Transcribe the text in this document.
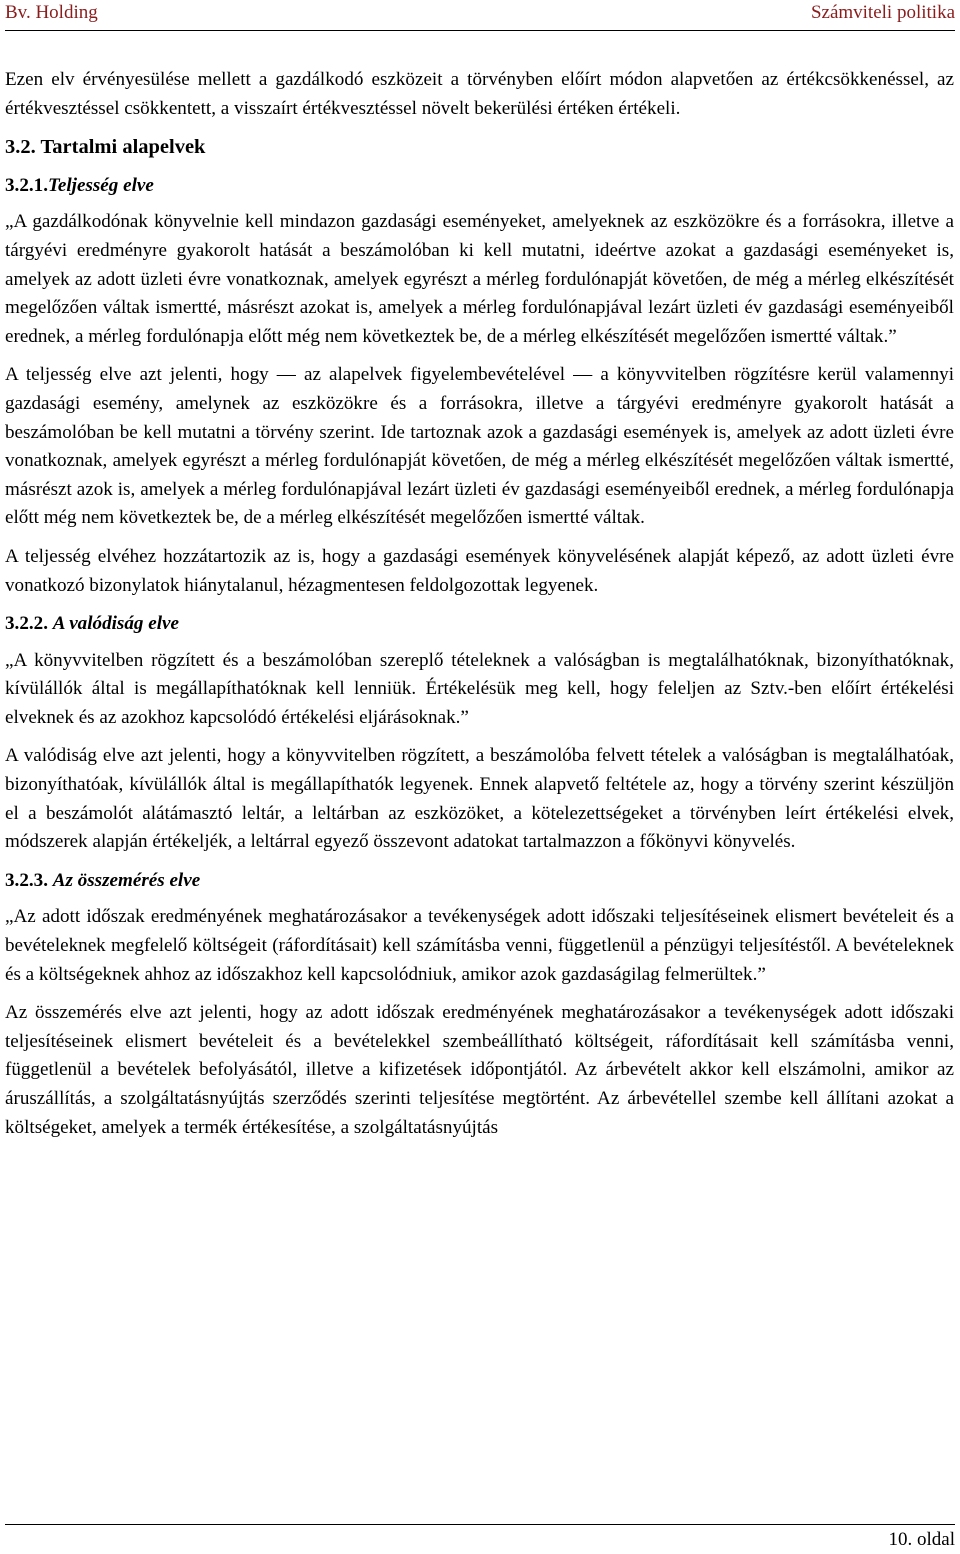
Bv. Holding	Számviteli politika

Ezen elv érvényesülése mellett a gazdálkodó eszközeit a törvényben előírt módon alapvetően az értékcsökkenéssel, az értékvesztéssel csökkentett, a visszaírt értékvesztéssel növelt bekerülési értéken értékeli.

3.2. Tartalmi alapelvek
3.2.1.Teljesség elve

„A gazdálkodónak könyvelnie kell mindazon gazdasági eseményeket, amelyeknek az eszközökre és a forrásokra, illetve a tárgyévi eredményre gyakorolt hatását a beszámolóban ki kell mutatni, ideértve azokat a gazdasági eseményeket is, amelyek az adott üzleti évre vonatkoznak, amelyek egyrészt a mérleg fordulónapját követően, de még a mérleg elkészítését megelőzően váltak ismertté, másrészt azokat is, amelyek a mérleg fordulónapjával lezárt üzleti év gazdasági eseményeiből erednek, a mérleg fordulónapja előtt még nem következtek be, de a mérleg elkészítését megelőzően ismertté váltak.”

A teljesség elve azt jelenti, hogy — az alapelvek figyelembevételével — a könyvvitelben rögzítésre kerül valamennyi gazdasági esemény, amelynek az eszközökre és a forrásokra, illetve a tárgyévi eredményre gyakorolt hatását a beszámolóban be kell mutatni a törvény szerint. Ide tartoznak azok a gazdasági események is, amelyek az adott üzleti évre vonatkoznak, amelyek egyrészt a mérleg fordulónapját követően, de még a mérleg elkészítését megelőzően váltak ismertté, másrészt azok is, amelyek a mérleg fordulónapjával lezárt üzleti év gazdasági eseményeiből erednek, a mérleg fordulónapja előtt még nem következtek be, de a mérleg elkészítését megelőzően ismertté váltak.

A teljesség elvéhez hozzátartozik az is, hogy a gazdasági események könyvelésének alapját képező, az adott üzleti évre vonatkozó bizonylatok hiánytalanul, hézagmentesen feldolgozottak legyenek.

3.2.2. A valódiság elve

„A könyvvitelben rögzített és a beszámolóban szereplő tételeknek a valóságban is megtalálhatóknak, bizonyíthatóknak, kívülállók által is megállapíthatóknak kell lenniük. Értékelésük meg kell, hogy feleljen az Sztv.-ben előírt értékelési elveknek és az azokhoz kapcsolódó értékelési eljárásoknak.”

A valódiság elve azt jelenti, hogy a könyvvitelben rögzített, a beszámolóba felvett tételek a valóságban is megtalálhatóak, bizonyíthatóak, kívülállók által is megállapíthatók legyenek. Ennek alapvető feltétele az, hogy a törvény szerint készüljön el a beszámolót alátámasztó leltár, a leltárban az eszközöket, a kötelezettségeket a törvényben leírt értékelési elvek, módszerek alapján értékeljék, a leltárral egyező összevont adatokat tartalmazzon a főkönyvi könyvelés.

3.2.3. Az összemérés elve

„Az adott időszak eredményének meghatározásakor a tevékenységek adott időszaki teljesítéseinek elismert bevételeit és a bevételeknek megfelelő költségeit (ráfordításait) kell számításba venni, függetlenül a pénzügyi teljesítéstől. A bevételeknek és a költségeknek ahhoz az időszakhoz kell kapcsolódniuk, amikor azok gazdaságilag felmerültek.”

Az összemérés elve azt jelenti, hogy az adott időszak eredményének meghatározásakor a tevékenységek adott időszaki teljesítéseinek elismert bevételeit és a bevételekkel szembeállítható költségeit, ráfordításait kell számításba venni, függetlenül a bevételek befolyásától, illetve a kifizetések időpontjától. Az árbevételt akkor kell elszámolni, amikor az áruszállítás, a szolgáltatásnyújtás szerződés szerinti teljesítése megtörtént. Az árbevétellel szembe kell állítani azokat a költségeket, amelyek a termék értékesítése, a szolgáltatásnyújtás

10. oldal
